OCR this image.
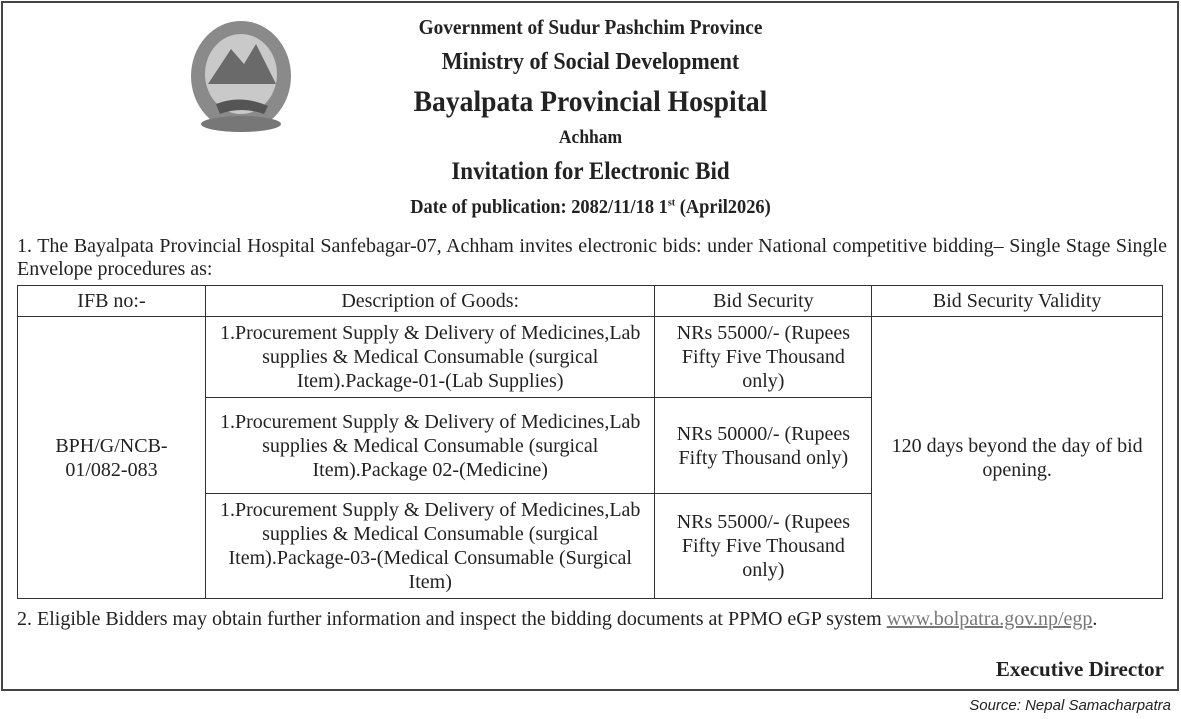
Government of Sudur Pashchim Province
Ministry of Social Development
Bayalpata Provincial Hospital
Achham
Invitation for Electronic Bid
Date of publication: 2082/11/18 1st (April2026)
1. The Bayalpata Provincial Hospital Sanfebagar-07, Achham invites electronic bids: under National competitive bidding– Single Stage Single Envelope procedures as:
IFB no:-	Description of Goods:	Bid Security	Bid Security Validity
BPH/G/NCB-01/082-083	1.Procurement Supply & Delivery of Medicines,Lab supplies & Medical Consumable (surgical Item).Package-01-(Lab Supplies)	NRs 55000/- (Rupees Fifty Five Thousand only)	120 days beyond the day of bid opening.
	1.Procurement Supply & Delivery of Medicines,Lab supplies & Medical Consumable (surgical Item).Package 02-(Medicine)	NRs 50000/- (Rupees Fifty Thousand only)	
	1.Procurement Supply & Delivery of Medicines,Lab supplies & Medical Consumable (surgical Item).Package-03-(Medical Consumable (Surgical Item)	NRs 55000/- (Rupees Fifty Five Thousand only)	
2. Eligible Bidders may obtain further information and inspect the bidding documents at PPMO eGP system www.bolpatra.gov.np/egp.
Executive Director
Source: Nepal Samacharpatra
